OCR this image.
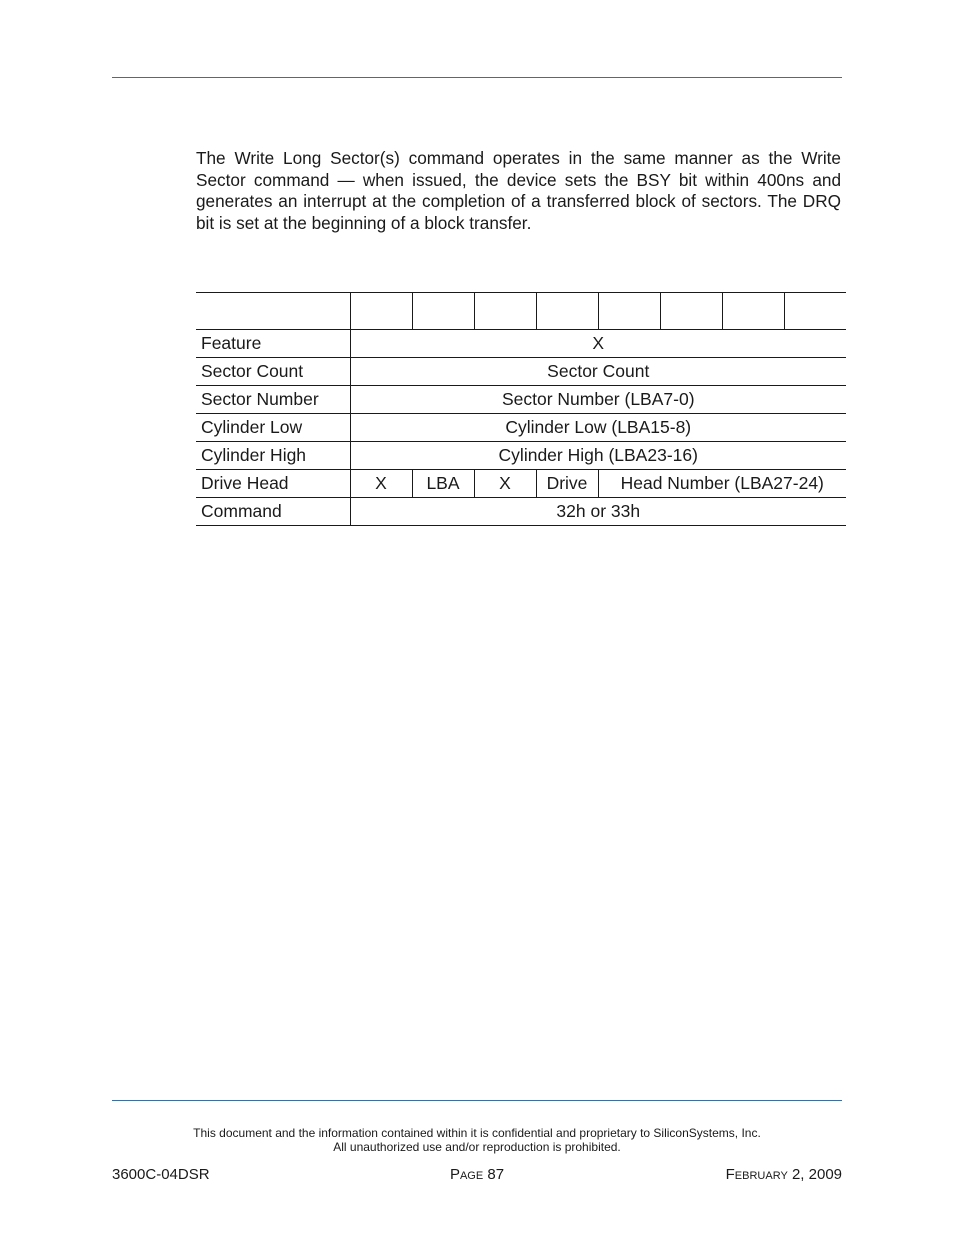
The Write Long Sector(s) command operates in the same manner as the Write Sector command — when issued, the device sets the BSY bit within 400ns and generates an interrupt at the completion of a transferred block of sectors. The DRQ bit is set at the beginning of a block transfer.

Feature	X							
Sector Count	Sector Count							
Sector Number	Sector Number (LBA7-0)							
Cylinder Low	Cylinder Low (LBA15-8)							
Cylinder High	Cylinder High (LBA23-16)							
Drive Head	X	LBA	X	Drive	Head Number (LBA27-24)			
Command	32h or 33h							

This document and the information contained within it is confidential and proprietary to SiliconSystems, Inc.
All unauthorized use and/or reproduction is prohibited.

3600C-04DSR	Page 87	February 2, 2009
